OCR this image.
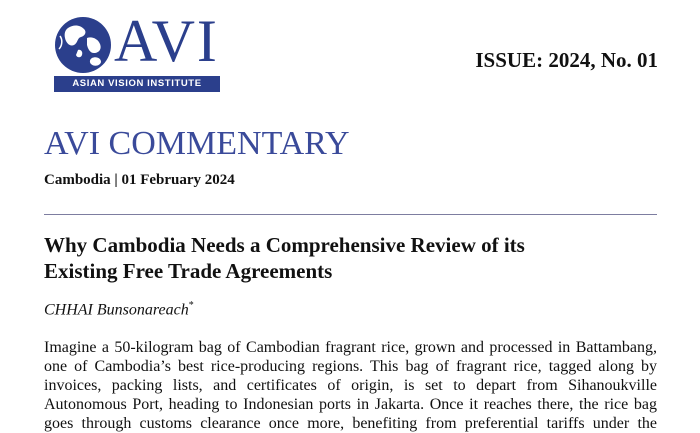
AVI
ASIAN VISION INSTITUTE
ISSUE: 2024, No. 01
AVI COMMENTARY
Cambodia | 01 February 2024
Why Cambodia Needs a Comprehensive Review of its
Existing Free Trade Agreements
CHHAI Bunsonareach*
Imagine a 50-kilogram bag of Cambodian fragrant rice, grown and processed in Battambang,
one of Cambodia’s best rice-producing regions. This bag of fragrant rice, tagged along by
invoices, packing lists, and certificates of origin, is set to depart from Sihanoukville
Autonomous Port, heading to Indonesian ports in Jakarta. Once it reaches there, the rice bag
goes through customs clearance once more, benefiting from preferential tariffs under the
